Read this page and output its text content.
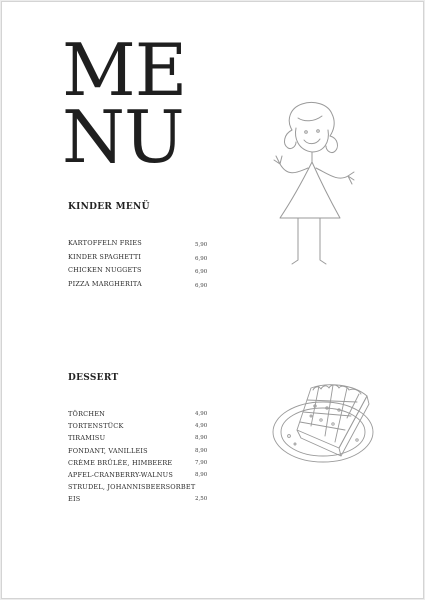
ME
NU
KINDER MENÜ
KARTOFFELN FRIES	5,90
KINDER SPAGHETTI	6,90
CHICKEN NUGGETS	6,90
PIZZA MARGHERITA	6,90
DESSERT
TÖRCHEN	4,90
TORTENSTÜCK	4,90
TIRAMISU	8,90
FONDANT, VANILLEIS	8,90
CRÈME BRÛLÉE, HIMBEERE	7,90
APFEL-CRANBERRY-WALNUS	8,90
STRUDEL, JOHANNISBEERSORBET
EIS	2,50
